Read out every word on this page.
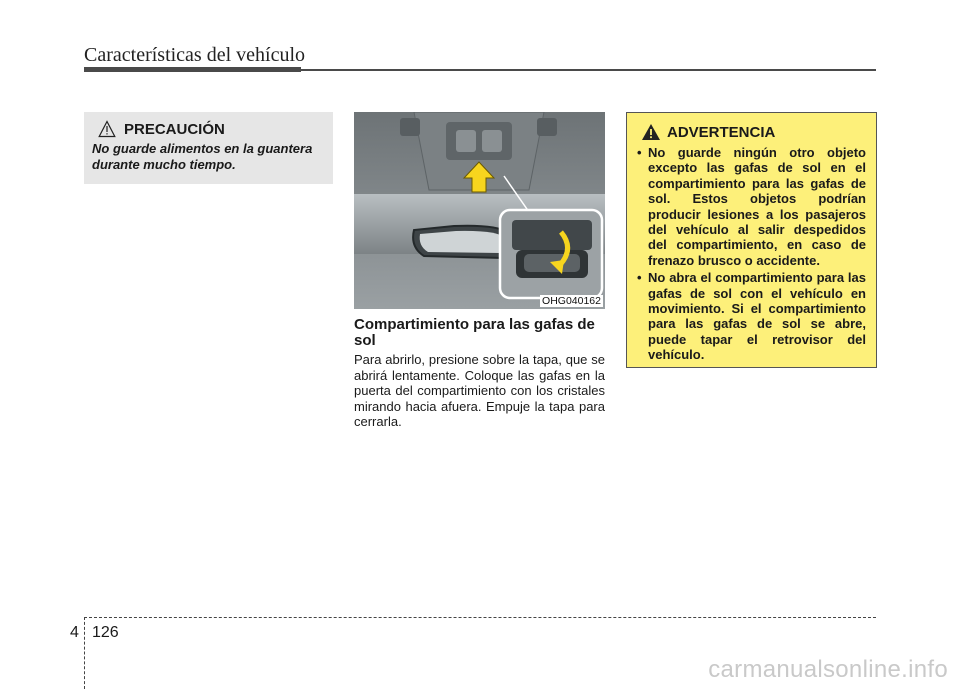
Características del vehículo
PRECAUCIÓN
No guarde alimentos en la guantera durante mucho tiempo.
OHG040162
Compartimiento para las gafas de sol
Para abrirlo, presione sobre la tapa, que se abrirá lentamente. Coloque las gafas en la puerta del compartimiento con los cristales mirando hacia afuera. Empuje la tapa para cerrarla.
ADVERTENCIA
• No guarde ningún otro objeto excepto las gafas de sol en el compartimiento para las gafas de sol. Estos objetos podrían producir lesiones a los pasajeros del vehículo al salir despedidos del compartimiento, en caso de frenazo brusco o accidente.
• No abra el compartimiento para las gafas de sol con el vehículo en movimiento. Si el compartimiento para las gafas de sol se abre, puede tapar el retrovisor del vehículo.
4 126
carmanualsonline.info
